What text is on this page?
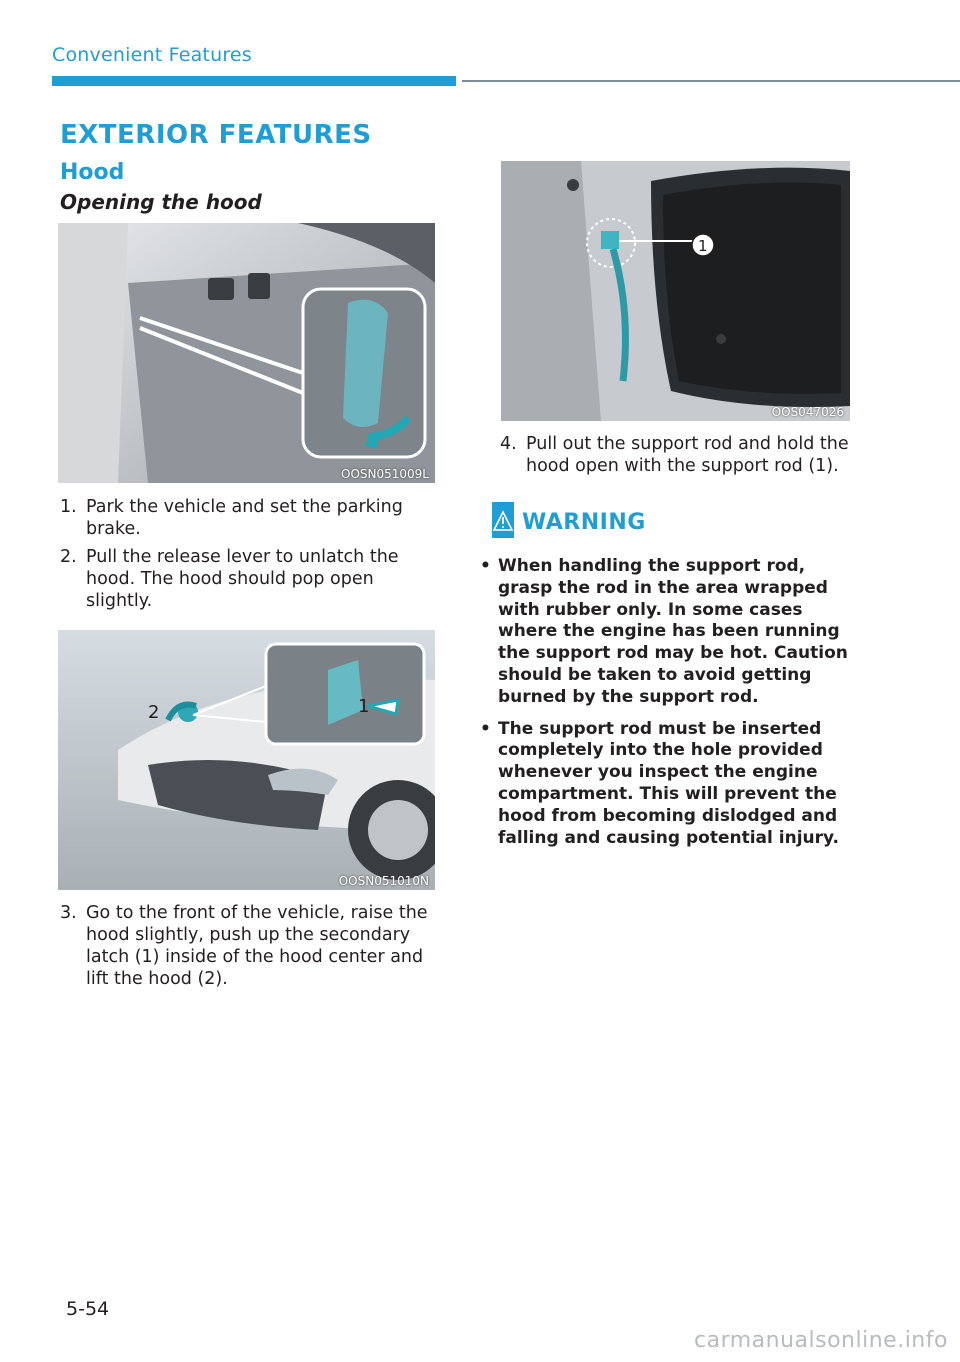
Convenient Features
EXTERIOR FEATURES
Hood
Opening the hood
OOSN051009L
1. Park the vehicle and set the parking brake.
2. Pull the release lever to unlatch the hood. The hood should pop open slightly.
1
2
OOSN051010N
3. Go to the front of the vehicle, raise the hood slightly, push up the secondary latch (1) inside of the hood center and lift the hood (2).
1
OOS047026
4. Pull out the support rod and hold the hood open with the support rod (1).
WARNING
• When handling the support rod, grasp the rod in the area wrapped with rubber only. In some cases where the engine has been running the support rod may be hot. Caution should be taken to avoid getting burned by the support rod.
• The support rod must be inserted completely into the hole provided whenever you inspect the engine compartment. This will prevent the hood from becoming dislodged and falling and causing potential injury.
5-54
carmanualsonline.info
